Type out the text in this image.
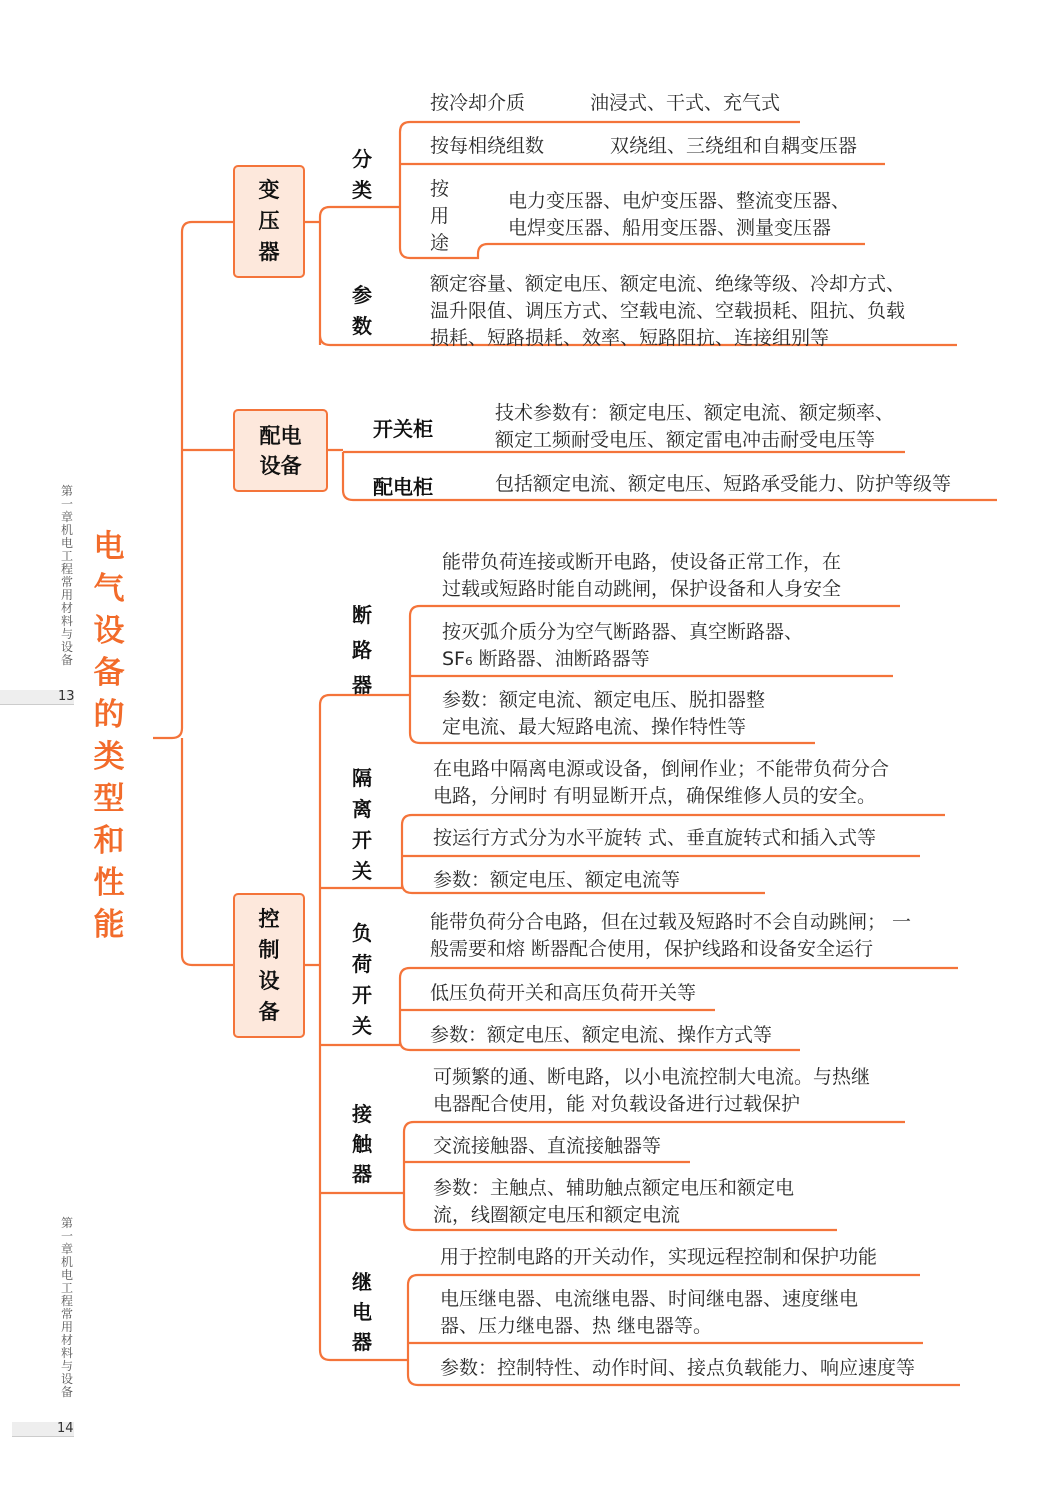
第一章机电工程常用材料与设备
13
第一章机电工程常用材料与设备
14
电气设备的类型和性能
变压器
分类
按冷却介质	油浸式、干式、充气式
按每相绕组数	双绕组、三绕组和自耦变压器
按用途
电力变压器、电炉变压器、整流变压器、
电焊变压器、船用变压器、测量变压器
参数
额定容量、额定电压、额定电流、绝缘等级、冷却方式、
温升限值、调压方式、空载电流、空载损耗、阻抗、负载
损耗、短路损耗、效率、短路阻抗、连接组别等
配电设备
开关柜
技术参数有：额定电压、额定电流、额定频率、
额定工频耐受电压、额定雷电冲击耐受电压等
配电柜	包括额定电流、额定电压、短路承受能力、防护等级等
控制设备
断路器
能带负荷连接或断开电路，使设备正常工作，在
过载或短路时能自动跳闸，保护设备和人身安全
按灭弧介质分为空气断路器、真空断路器、
SF₆ 断路器、油断路器等
参数：额定电流、额定电压、脱扣器整
定电流、最大短路电流、操作特性等
隔离开关
在电路中隔离电源或设备，倒闸作业；不能带负荷分合
电路，分闸时 有明显断开点，确保维修人员的安全。
按运行方式分为水平旋转 式、垂直旋转式和插入式等
参数：额定电压、额定电流等
负荷开关
能带负荷分合电路，但在过载及短路时不会自动跳闸； 一
般需要和熔 断器配合使用，保护线路和设备安全运行
低压负荷开关和高压负荷开关等
参数：额定电压、额定电流、操作方式等
接触器
可频繁的通、断电路，以小电流控制大电流。与热继
电器配合使用，能 对负载设备进行过载保护
交流接触器、直流接触器等
参数：主触点、辅助触点额定电压和额定电
流，线圈额定电压和额定电流
继电器
用于控制电路的开关动作，实现远程控制和保护功能
电压继电器、电流继电器、时间继电器、速度继电
器、压力继电器、热 继电器等。
参数：控制特性、动作时间、接点负载能力、响应速度等
